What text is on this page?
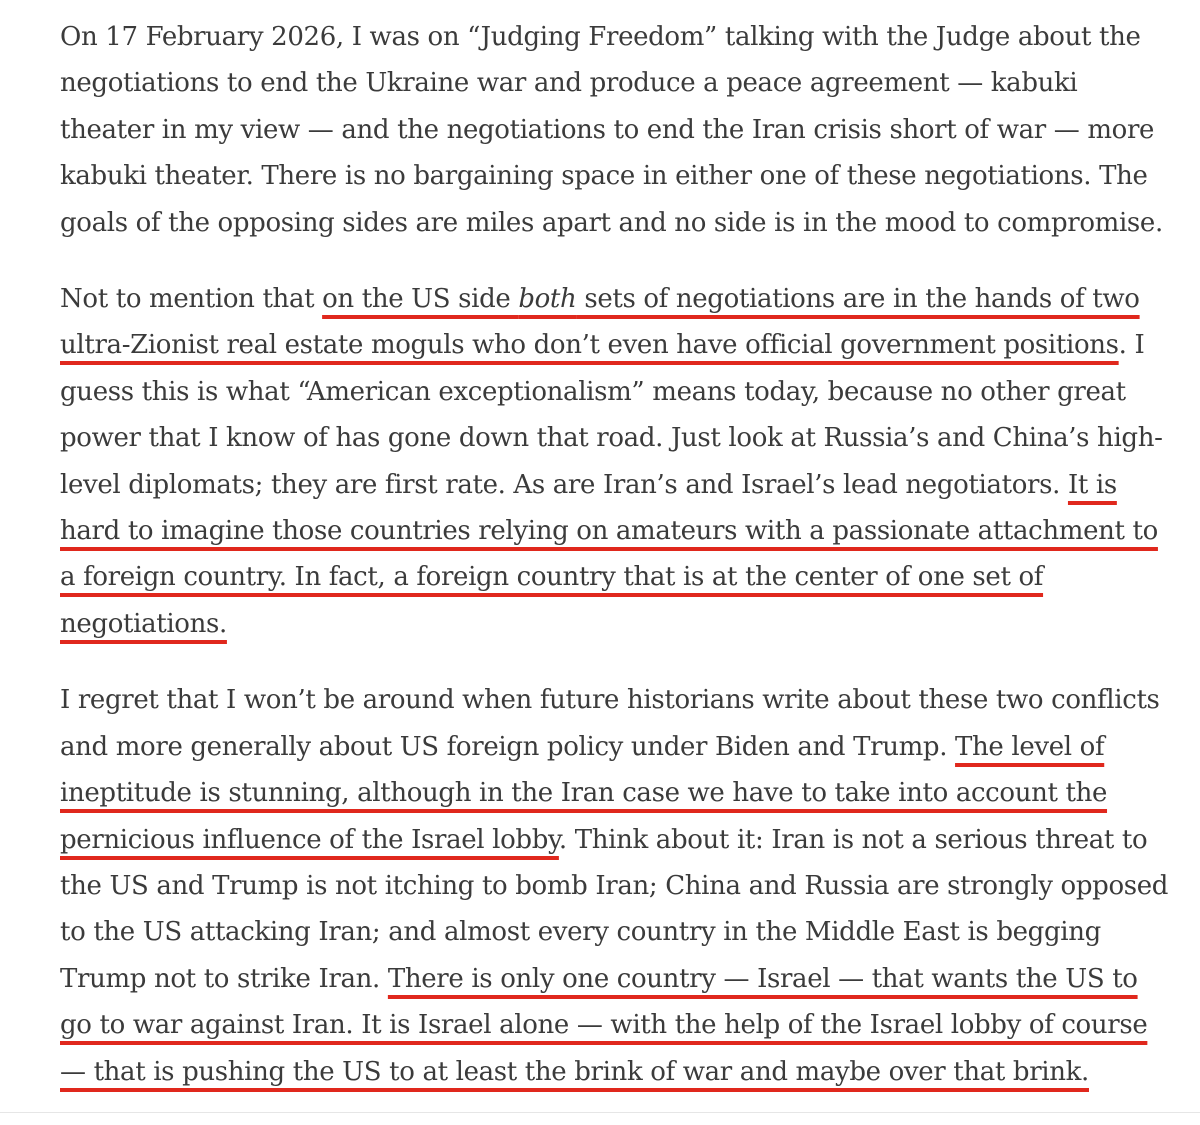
On 17 February 2026, I was on “Judging Freedom” talking with the Judge about the negotiations to end the Ukraine war and produce a peace agreement — kabuki theater in my view — and the negotiations to end the Iran crisis short of war — more kabuki theater. There is no bargaining space in either one of these negotiations. The goals of the opposing sides are miles apart and no side is in the mood to compromise.

Not to mention that on the US side both sets of negotiations are in the hands of two ultra-Zionist real estate moguls who don’t even have official government positions. I guess this is what “American exceptionalism” means today, because no other great power that I know of has gone down that road. Just look at Russia’s and China’s high-level diplomats; they are first rate. As are Iran’s and Israel’s lead negotiators. It is hard to imagine those countries relying on amateurs with a passionate attachment to a foreign country. In fact, a foreign country that is at the center of one set of negotiations.

I regret that I won’t be around when future historians write about these two conflicts and more generally about US foreign policy under Biden and Trump. The level of ineptitude is stunning, although in the Iran case we have to take into account the pernicious influence of the Israel lobby. Think about it: Iran is not a serious threat to the US and Trump is not itching to bomb Iran; China and Russia are strongly opposed to the US attacking Iran; and almost every country in the Middle East is begging Trump not to strike Iran. There is only one country — Israel — that wants the US to go to war against Iran. It is Israel alone — with the help of the Israel lobby of course — that is pushing the US to at least the brink of war and maybe over that brink.
